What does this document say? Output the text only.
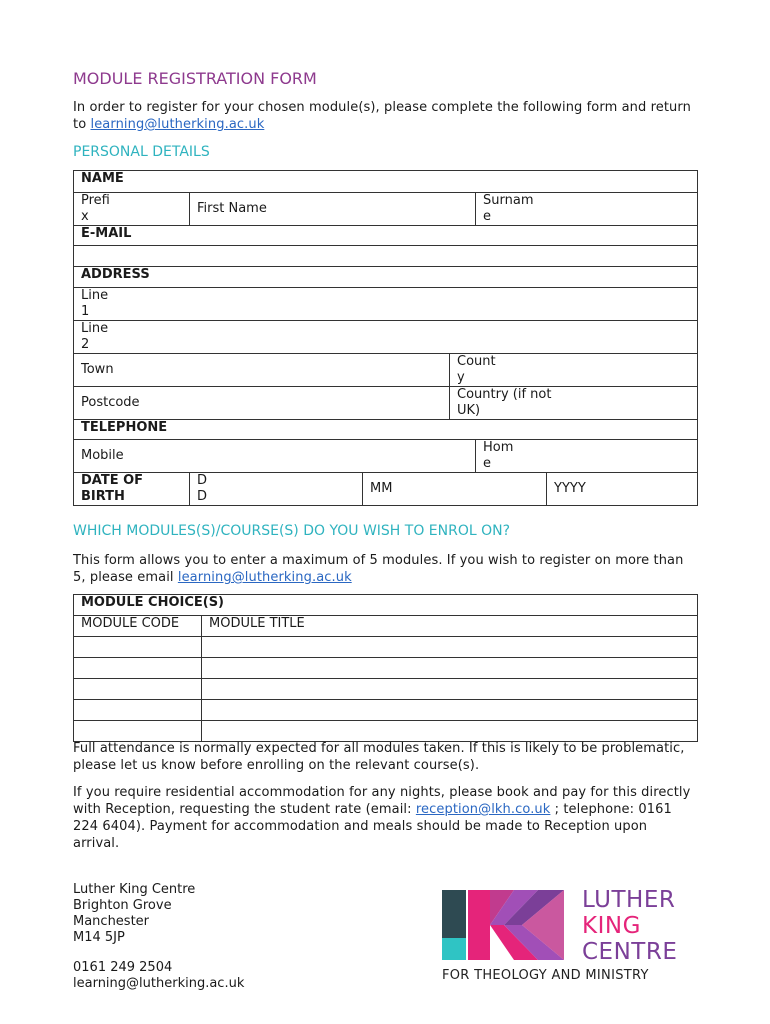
MODULE REGISTRATION FORM
In order to register for your chosen module(s), please complete the following form and return to learning@lutherking.ac.uk
PERSONAL DETAILS
NAME					

Prefi x	First Name			Surnam e	

E-MAIL					

ADDRESS					

Line 1					

Line 2					

Town			Count y		

Postcode			Country (if not UK)		

TELEPHONE					
Mobile				Hom e	

DATE OF BIRTH	D D	MM			YYYY
WHICH MODULES(S)/COURSE(S) DO YOU WISH TO ENROL ON?
This form allows you to enter a maximum of 5 modules. If you wish to register on more than 5, please email learning@lutherking.ac.uk
MODULE CHOICE(S)	
MODULE CODE	MODULE TITLE

Full attendance is normally expected for all modules taken. If this is likely to be problematic, please let us know before enrolling on the relevant course(s).
If you require residential accommodation for any nights, please book and pay for this directly with Reception, requesting the student rate (email: reception@lkh.co.uk ; telephone: 0161 224 6404). Payment for accommodation and meals should be made to Reception upon arrival.
Luther King Centre
Brighton Grove
Manchester
M14 5JP
0161 249 2504
learning@lutherking.ac.uk
LUTHER
KING
CENTRE
FOR THEOLOGY AND MINISTRY
